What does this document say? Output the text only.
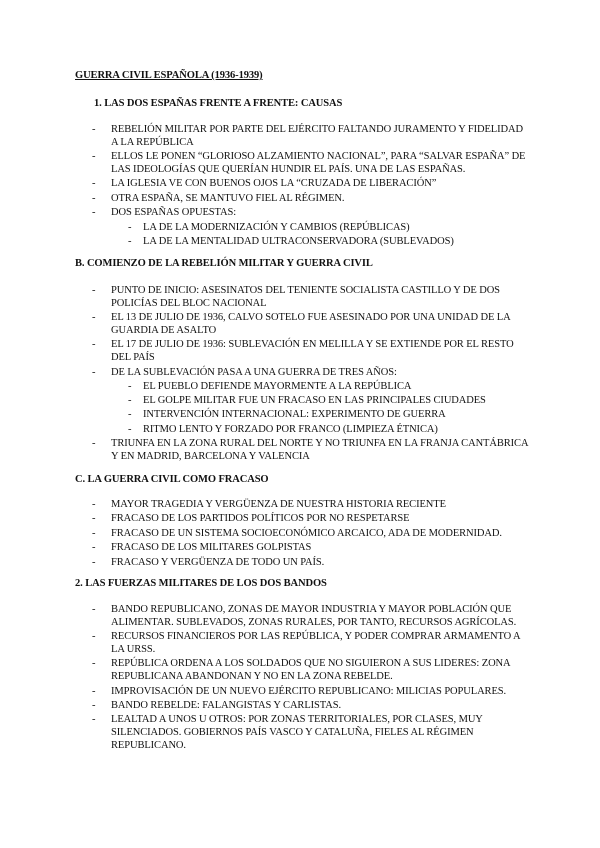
GUERRA CIVIL ESPAÑOLA (1936-1939)
1. LAS DOS ESPAÑAS FRENTE A FRENTE: CAUSAS
- REBELIÓN MILITAR POR PARTE DEL EJÉRCITO FALTANDO JURAMENTO Y FIDELIDAD A LA REPÚBLICA
- ELLOS LE PONEN “GLORIOSO ALZAMIENTO NACIONAL”, PARA “SALVAR ESPAÑA” DE LAS IDEOLOGÍAS QUE QUERÍAN HUNDIR EL PAÍS. UNA DE LAS ESPAÑAS.
- LA IGLESIA VE CON BUENOS OJOS LA “CRUZADA DE LIBERACIÓN”
- OTRA ESPAÑA, SE MANTUVO FIEL AL RÉGIMEN.
- DOS ESPAÑAS OPUESTAS:
- LA DE LA MODERNIZACIÓN Y CAMBIOS (REPÚBLICAS)
- LA DE LA MENTALIDAD ULTRACONSERVADORA (SUBLEVADOS)
B. COMIENZO DE LA REBELIÓN MILITAR Y GUERRA CIVIL
- PUNTO DE INICIO: ASESINATOS DEL TENIENTE SOCIALISTA CASTILLO Y DE DOS POLICÍAS DEL BLOC NACIONAL
- EL 13 DE JULIO DE 1936, CALVO SOTELO FUE ASESINADO POR UNA UNIDAD DE LA GUARDIA DE ASALTO
- EL 17 DE JULIO DE 1936: SUBLEVACIÓN EN MELILLA Y SE EXTIENDE POR EL RESTO DEL PAÍS
- DE LA SUBLEVACIÓN PASA A UNA GUERRA DE TRES AÑOS:
- EL PUEBLO DEFIENDE MAYORMENTE A LA REPÚBLICA
- EL GOLPE MILITAR FUE UN FRACASO EN LAS PRINCIPALES CIUDADES
- INTERVENCIÓN INTERNACIONAL: EXPERIMENTO DE GUERRA
- RITMO LENTO Y FORZADO POR FRANCO (LIMPIEZA ÉTNICA)
- TRIUNFA EN LA ZONA RURAL DEL NORTE Y NO TRIUNFA EN LA FRANJA CANTÁBRICA Y EN MADRID, BARCELONA Y VALENCIA
C. LA GUERRA CIVIL COMO FRACASO
- MAYOR TRAGEDIA Y VERGÜENZA DE NUESTRA HISTORIA RECIENTE
- FRACASO DE LOS PARTIDOS POLÍTICOS POR NO RESPETARSE
- FRACASO DE UN SISTEMA SOCIOECONÓMICO ARCAICO, ADA DE MODERNIDAD.
- FRACASO DE LOS MILITARES GOLPISTAS
- FRACASO Y VERGÜENZA DE TODO UN PAÍS.
2. LAS FUERZAS MILITARES DE LOS DOS BANDOS
- BANDO REPUBLICANO, ZONAS DE MAYOR INDUSTRIA Y MAYOR POBLACIÓN QUE ALIMENTAR. SUBLEVADOS, ZONAS RURALES, POR TANTO, RECURSOS AGRÍCOLAS.
- RECURSOS FINANCIEROS POR LAS REPÚBLICA, Y PODER COMPRAR ARMAMENTO A LA URSS.
- REPÚBLICA ORDENA A LOS SOLDADOS QUE NO SIGUIERON A SUS LIDERES: ZONA REPUBLICANA ABANDONAN Y NO EN LA ZONA REBELDE.
- IMPROVISACIÓN DE UN NUEVO EJÉRCITO REPUBLICANO: MILICIAS POPULARES.
- BANDO REBELDE: FALANGISTAS Y CARLISTAS.
- LEALTAD A UNOS U OTROS: POR ZONAS TERRITORIALES, POR CLASES, MUY SILENCIADOS. GOBIERNOS PAÍS VASCO Y CATALUÑA, FIELES AL RÉGIMEN REPUBLICANO.
